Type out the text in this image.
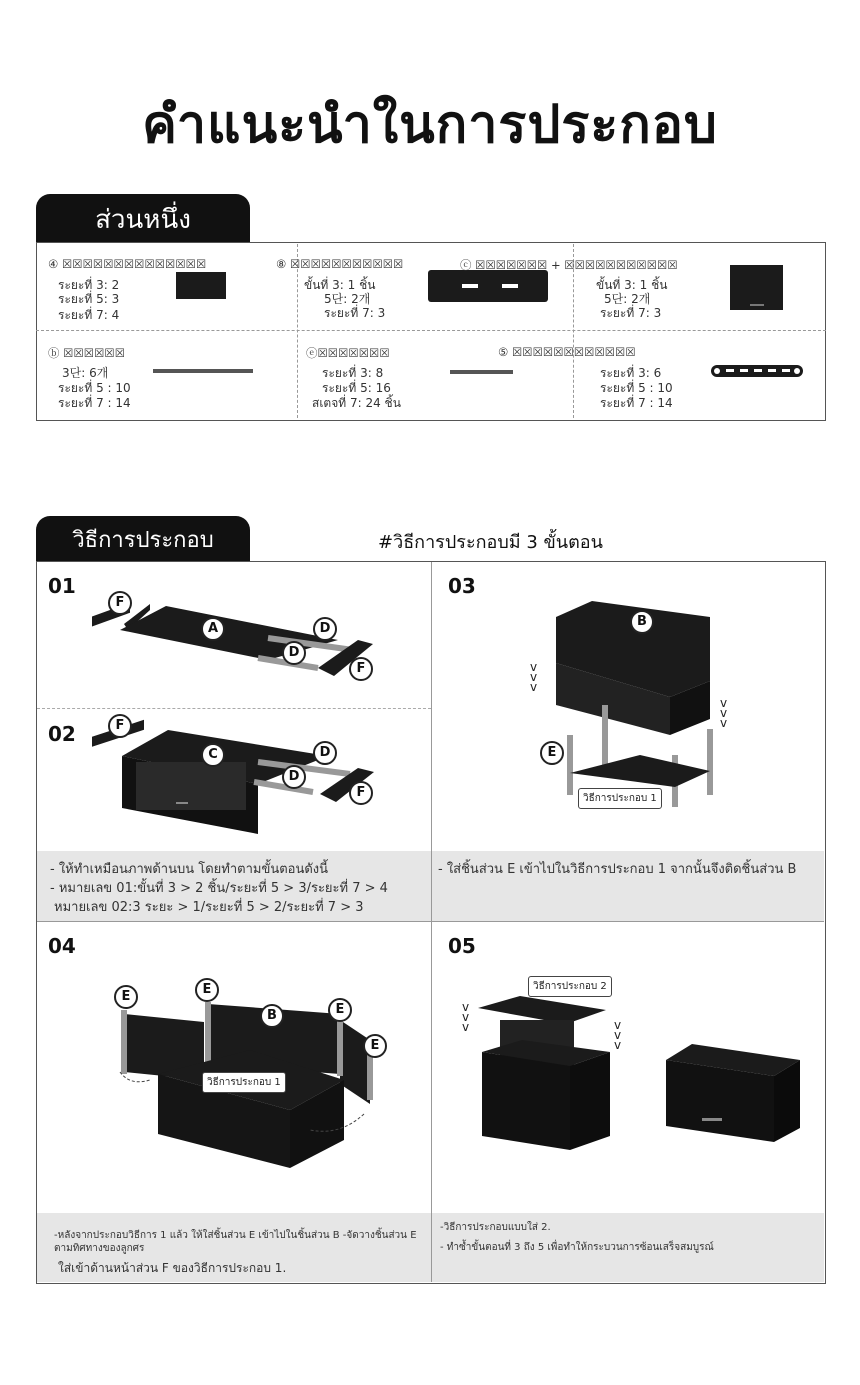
คำแนะนำในการประกอบ
ส่วนหนึ่ง
④ ☒☒☒☒☒☒☒☒☒☒☒☒☒☒
ระยะที่ 3: 2
ระยะที่ 5: 3
ระยะที่ 7: 4
⑧ ☒☒☒☒☒☒☒☒☒☒☒
ขั้นที่ 3: 1 ชิ้น
5단: 2개
ระยะที่ 7: 3
ⓒ ☒☒☒☒☒☒☒ + ☒☒☒☒☒☒☒☒☒☒☒
ขั้นที่ 3: 1 ชิ้น
5단: 2개
ระยะที่ 7: 3
ⓑ ☒☒☒☒☒☒
3단: 6개
ระยะที่ 5 : 10
ระยะที่ 7 : 14
ⓔ☒☒☒☒☒☒☒
ระยะที่ 3: 8
ระยะที่ 5: 16
สเตจที่ 7: 24 ชิ้น
⑤ ☒☒☒☒☒☒☒☒☒☒☒☒
ระยะที่ 3: 6
ระยะที่ 5 : 10
ระยะที่ 7 : 14
วิธีการประกอบ	#วิธีการประกอบมี 3 ขั้นตอน
01
02
03
04	05
F
A	D
D
F
F
C	D
D
F
v
v
v
v
v
v
B
E
วิธีการประกอบ 1
- ให้ทำเหมือนภาพด้านบน โดยทำตามขั้นตอนดังนี้
- หมายเลข 01:ขั้นที่ 3 > 2 ชิ้น/ระยะที่ 5 > 3/ระยะที่ 7 > 4
หมายเลข 02:3 ระยะ > 1/ระยะที่ 5 > 2/ระยะที่ 7 > 3
- ใส่ชิ้นส่วน E เข้าไปในวิธีการประกอบ 1 จากนั้นจึงติดชิ้นส่วน B
E	E
B	E
E
วิธีการประกอบ 1
v
v
v	v
v
v
วิธีการประกอบ 2
-หลังจากประกอบวิธีการ 1 แล้ว ให้ใส่ชิ้นส่วน E เข้าไปในชิ้นส่วน B -จัดวางชิ้นส่วน E ตามทิศทางของลูกศร
ใส่เข้าด้านหน้าส่วน F ของวิธีการประกอบ 1.
-วิธีการประกอบแบบใส่ 2.
- ทำซ้ำขั้นตอนที่ 3 ถึง 5 เพื่อทำให้กระบวนการซ้อนเสร็จสมบูรณ์
